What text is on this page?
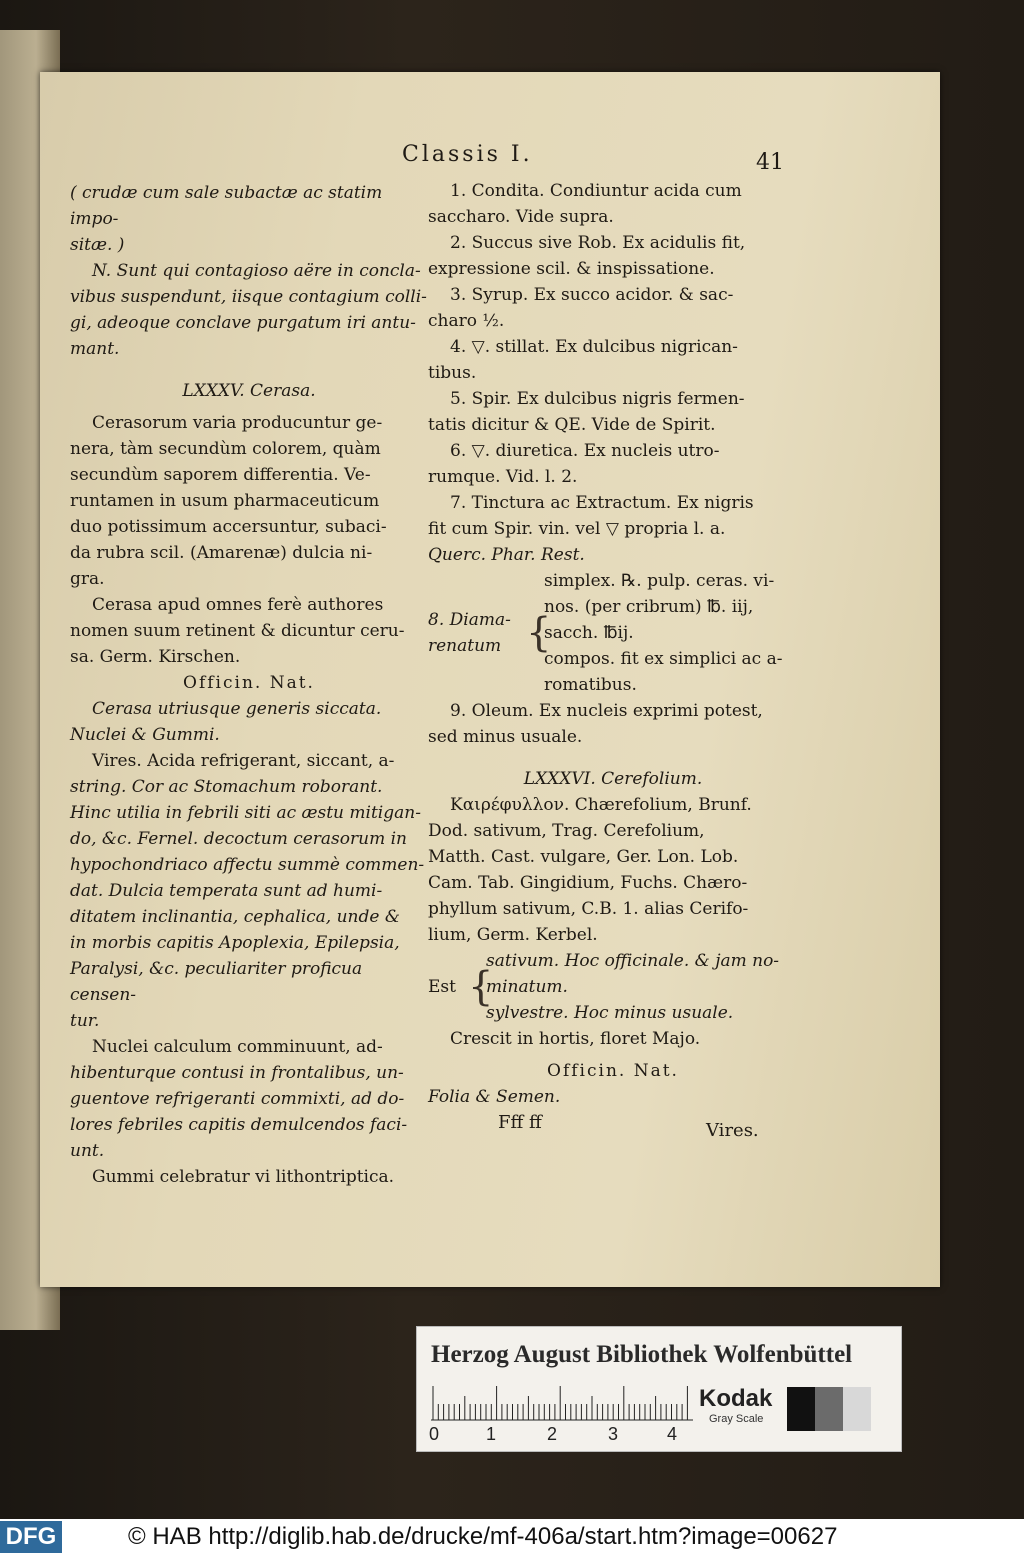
Classis I.	41

( crudæ cum sale subactæ ac statim impo-

sitæ. )

N. Sunt qui contagioso aëre in concla-

vibus suspendunt, iisque contagium colli-

gi, adeoque conclave purgatum iri antu-

mant.

LXXXV. Cerasa.

Cerasorum varia producuntur ge-

nera, tàm secundùm colorem, quàm

secundùm saporem differentia. Ve-

runtamen in usum pharmaceuticum

duo potissimum accersuntur, subaci-

da rubra scil. (Amarenæ) dulcia ni-

gra.

Cerasa apud omnes ferè authores

nomen suum retinent & dicuntur ceru-

sa. Germ. Kirschen.

Officin. Nat.

Cerasa utriusque generis siccata.

Nuclei & Gummi.

Vires. Acida refrigerant, siccant, a-

string. Cor ac Stomachum roborant.

Hinc utilia in febrili siti ac æstu mitigan-

do, &c. Fernel. decoctum cerasorum in

hypochondriaco affectu summè commen-

dat. Dulcia temperata sunt ad humi-

ditatem inclinantia, cephalica, unde &

in morbis capitis Apoplexia, Epilepsia,

Paralysi, &c. peculiariter proficua censen-

tur.

Nuclei calculum comminuunt, ad-

hibenturque contusi in frontalibus, un-

guentove refrigeranti commixti, ad do-

lores febriles capitis demulcendos faci-

unt.

Gummi celebratur vi lithontriptica.

1. Condita. Condiuntur acida cum

saccharo. Vide supra.

2. Succus sive Rob. Ex acidulis fit,

expressione scil. & inspissatione.

3. Syrup. Ex succo acidor. & sac-

charo ½.

4. ▽. stillat. Ex dulcibus nigrican-

tibus.

5. Spir. Ex dulcibus nigris fermen-

tatis dicitur & QE. Vide de Spirit.

6. ▽. diuretica. Ex nucleis utro-

rumque. Vid. l. 2.

7. Tinctura ac Extractum. Ex nigris

fit cum Spir. vin. vel ▽ propria l. a.

Querc. Phar. Rest.

8. Diama- renatum {

simplex. ℞. pulp. ceras. vi- nos. (per cribrum) ℔. iij, sacch. ℔ij.

compos. fit ex simplici ac a- romatibus.

9. Oleum. Ex nucleis exprimi potest,

sed minus usuale.

LXXXVI. Cerefolium.

Καιρέφυλλον. Chærefolium, Brunf.

Dod. sativum, Trag. Cerefolium,

Matth. Cast. vulgare, Ger. Lon. Lob.

Cam. Tab. Gingidium, Fuchs. Chæro-

phyllum sativum, C.B. 1. alias Cerifo-

lium, Germ. Kerbel.

Est {

sativum. Hoc officinale. & jam no- minatum.

sylvestre. Hoc minus usuale.

Crescit in hortis, floret Majo.

Officin. Nat.

Folia & Semen.

Fff ff	Vires.
Herzog August Bibliothek Wolfenbüttel
0	1	2	3	4
Kodak
Gray Scale
DFG	© HAB http://diglib.hab.de/drucke/mf-406a/start.htm?image=00627
